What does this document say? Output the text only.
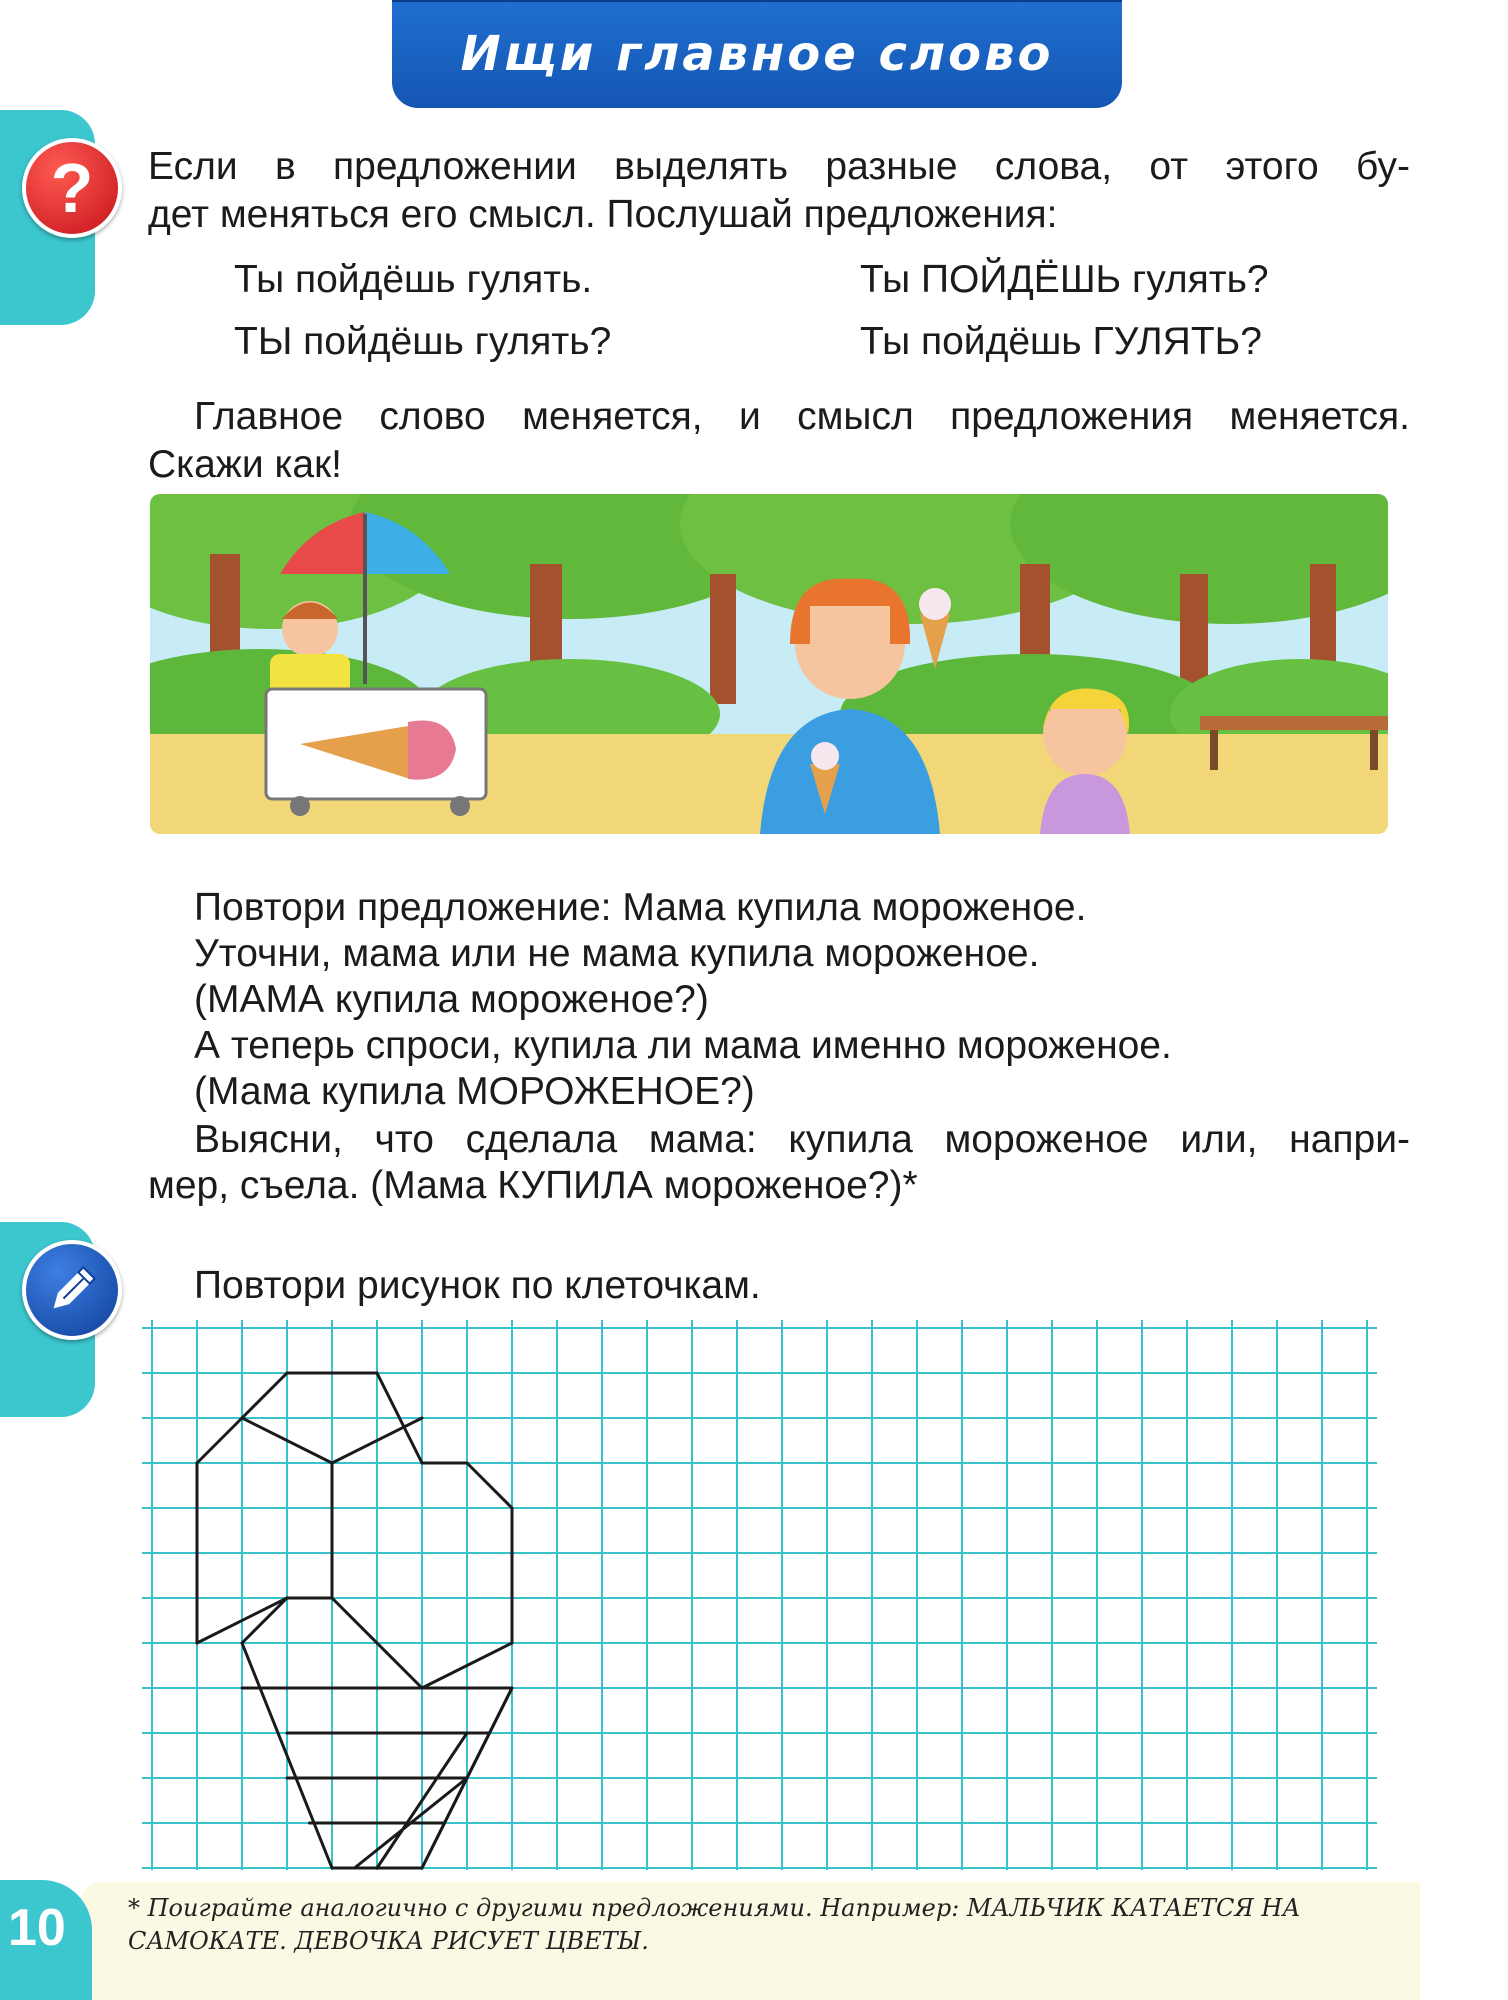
Ищи главное слово
? Если в предложении выделять разные слова, от этого бу-

дет меняться его смысл. Послушай предложения:

Ты пойдёшь гулять.	Ты ПОЙДЁШЬ гулять?
ТЫ пойдёшь гулять?	Ты пойдёшь ГУЛЯТЬ?

Главное слово меняется, и смысл предложения меняется.

Скажи как!

Повтори предложение: Мама купила мороженое.

Уточни, мама или не мама купила мороженое.

(МАМА купила мороженое?)

А теперь спроси, купила ли мама именно мороженое.

(Мама купила МОРОЖЕНОЕ?)

Выясни, что сделала мама: купила мороженое или, напри-

мер, съела. (Мама КУПИЛА мороженое?)*

Повтори рисунок по клеточкам.

* Поиграйте аналогично с другими предложениями. Например: МАЛЬЧИК КАТАЕТСЯ НА
САМОКАТЕ. ДЕВОЧКА РИСУЕТ ЦВЕТЫ.

10
